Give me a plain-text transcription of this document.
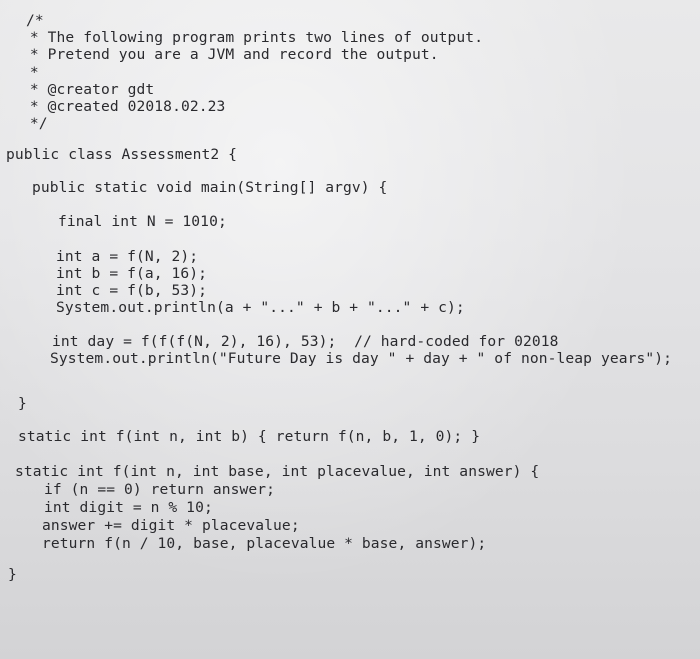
/*
* The following program prints two lines of output.
* Pretend you are a JVM and record the output.
*
* @creator gdt
* @created 02018.02.23
*/
public class Assessment2 {
public static void main(String[] argv) {
final int N = 1010;
int a = f(N, 2);
int b = f(a, 16);
int c = f(b, 53);
System.out.println(a + "..." + b + "..." + c);
int day = f(f(f(N, 2), 16), 53);  // hard-coded for 02018
System.out.println("Future Day is day " + day + " of non-leap years");
}
static int f(int n, int b) { return f(n, b, 1, 0); }
static int f(int n, int base, int placevalue, int answer) {
if (n == 0) return answer;
int digit = n % 10;
answer += digit * placevalue;
return f(n / 10, base, placevalue * base, answer);
}
